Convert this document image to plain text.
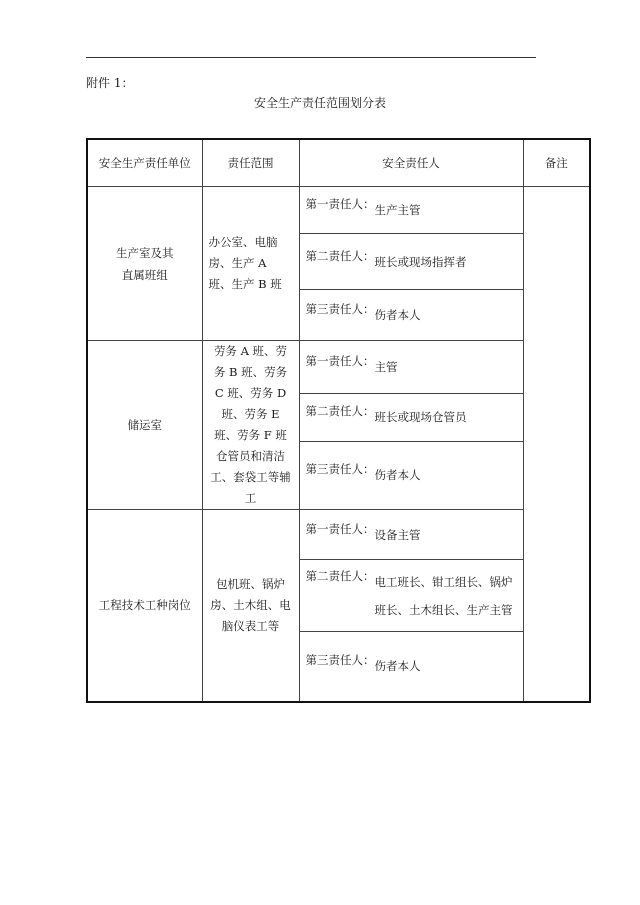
附件 1：
安全生产责任范围划分表
安全生产责任单位	责任范围	安全责任人	备注

生产室及其直属班组	办公室、电脑房、生产 A 班、生产 B 班	第一责任人： 生产主管	

		第二责任人： 班长或现场指挥者	

		第三责任人： 伤者本人	

储运室	劳务 A 班、劳务 B 班、劳务 C 班、劳务 D 班、劳务 E 班、劳务 F 班仓管员和清洁工、套袋工等辅工	第一责任人： 主管	

		第二责任人： 班长或现场仓管员	

		第三责任人： 伤者本人	

工程技术工种岗位	包机班、锅炉房、土木组、电脑仪表工等	第一责任人： 设备主管	

		第二责任人： 电工班长、钳工组长、锅炉班长、土木组长、生产主管	

		第三责任人： 伤者本人	
